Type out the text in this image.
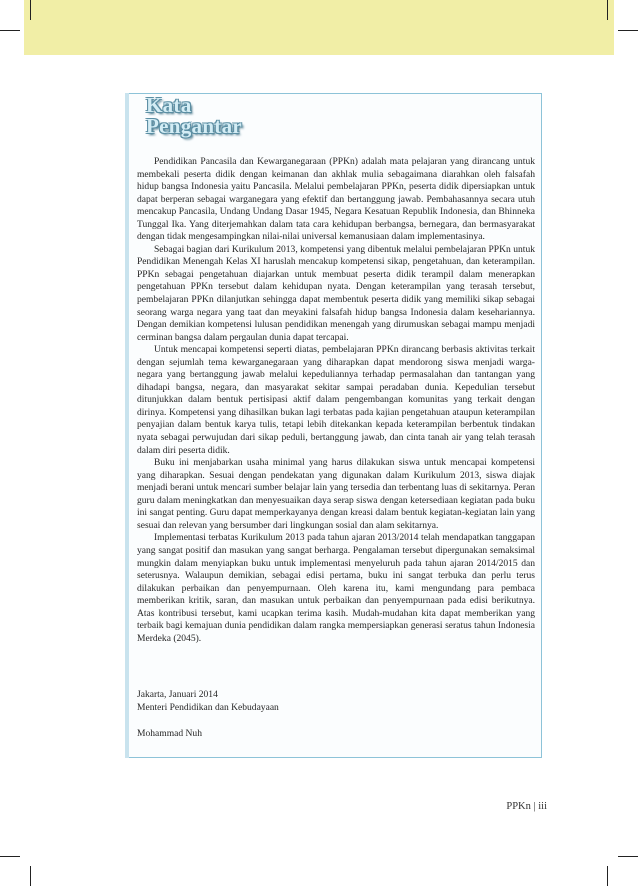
Kata
Pengantar

Pendidikan Pancasila dan Kewarganegaraan (PPKn) adalah mata pelajaran yang dirancang untuk membekali peserta didik dengan keimanan dan akhlak mulia sebagaimana diarahkan oleh falsafah hidup bangsa Indonesia yaitu Pancasila. Melalui pembelajaran PPKn, peserta didik dipersiapkan untuk dapat berperan sebagai warganegara yang efektif dan bertanggung jawab. Pembahasannya secara utuh mencakup Pancasila, Undang Undang Dasar 1945, Negara Kesatuan Republik Indonesia, dan Bhinneka Tunggal Ika. Yang diterjemahkan dalam tata cara kehidupan berbangsa, bernegara, dan bermasyarakat dengan tidak mengesampingkan nilai-nilai universal kemanusiaan dalam implementasinya.

Sebagai bagian dari Kurikulum 2013, kompetensi yang dibentuk melalui pembelajaran PPKn untuk Pendidikan Menengah Kelas XI haruslah mencakup kompetensi sikap, pengetahuan, dan keterampilan. PPKn sebagai pengetahuan diajarkan untuk membuat peserta didik terampil dalam menerapkan pengetahuan PPKn tersebut dalam kehidupan nyata. Dengan keterampilan yang terasah tersebut, pembelajaran PPKn dilanjutkan sehingga dapat membentuk peserta didik yang memiliki sikap sebagai seorang warga negara yang taat dan meyakini falsafah hidup bangsa Indonesia dalam kesehariannya. Dengan demikian kompetensi lulusan pendidikan menengah yang dirumuskan sebagai mampu menjadi cerminan bangsa dalam pergaulan dunia dapat tercapai.

Untuk mencapai kompetensi seperti diatas, pembelajaran PPKn dirancang berbasis aktivitas terkait dengan sejumlah tema kewarganegaraan yang diharapkan dapat mendorong siswa menjadi warga-negara yang bertanggung jawab melalui kepeduliannya terhadap permasalahan dan tantangan yang dihadapi bangsa, negara, dan masyarakat sekitar sampai peradaban dunia. Kepedulian tersebut ditunjukkan dalam bentuk pertisipasi aktif dalam pengembangan komunitas yang terkait dengan dirinya. Kompetensi yang dihasilkan bukan lagi terbatas pada kajian pengetahuan ataupun keterampilan penyajian dalam bentuk karya tulis, tetapi lebih ditekankan kepada keterampilan berbentuk tindakan nyata sebagai perwujudan dari sikap peduli, bertanggung jawab, dan cinta tanah air yang telah terasah dalam diri peserta didik.

Buku ini menjabarkan usaha minimal yang harus dilakukan siswa untuk mencapai kompetensi yang diharapkan. Sesuai dengan pendekatan yang digunakan dalam Kurikulum 2013, siswa diajak menjadi berani untuk mencari sumber belajar lain yang tersedia dan terbentang luas di sekitarnya. Peran guru dalam meningkatkan dan menyesuaikan daya serap siswa dengan ketersediaan kegiatan pada buku ini sangat penting. Guru dapat memperkayanya dengan kreasi dalam bentuk kegiatan-kegiatan lain yang sesuai dan relevan yang bersumber dari lingkungan sosial dan alam sekitarnya.

Implementasi terbatas Kurikulum 2013 pada tahun ajaran 2013/2014 telah mendapatkan tanggapan yang sangat positif dan masukan yang sangat berharga. Pengalaman tersebut dipergunakan semaksimal mungkin dalam menyiapkan buku untuk implementasi menyeluruh pada tahun ajaran 2014/2015 dan seterusnya. Walaupun demikian, sebagai edisi pertama, buku ini sangat terbuka dan perlu terus dilakukan perbaikan dan penyempurnaan. Oleh karena itu, kami mengundang para pembaca memberikan kritik, saran, dan masukan untuk perbaikan dan penyempurnaan pada edisi berikutnya. Atas kontribusi tersebut, kami ucapkan terima kasih. Mudah-mudahan kita dapat memberikan yang terbaik bagi kemajuan dunia pendidikan dalam rangka mempersiapkan generasi seratus tahun Indonesia Merdeka (2045).

Jakarta, Januari 2014
Menteri Pendidikan dan Kebudayaan
Mohammad Nuh
PPKn | iii
